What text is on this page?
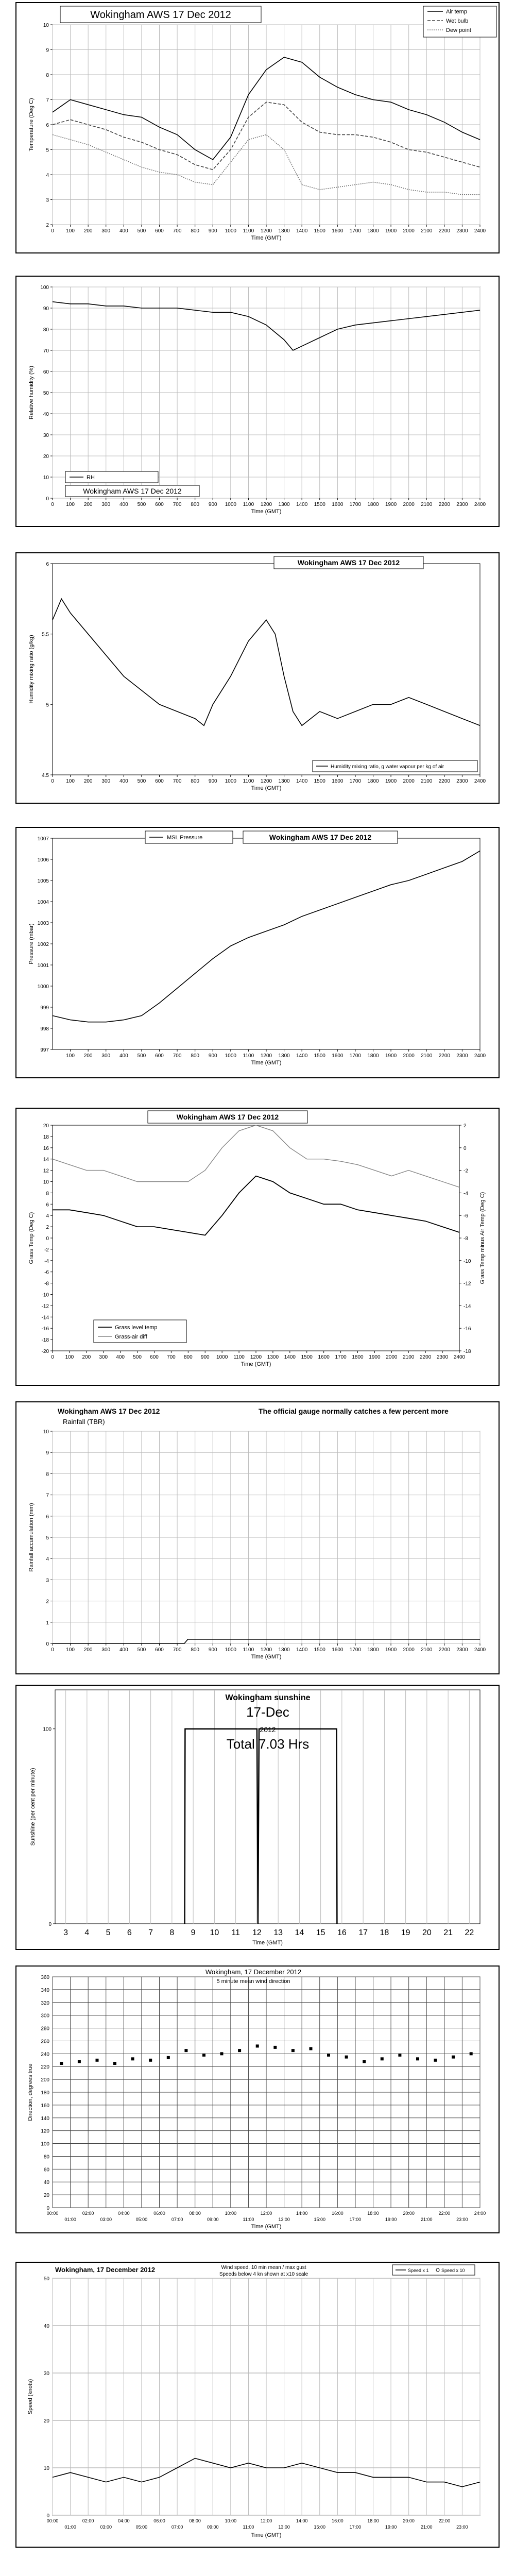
2
3
4
5
6
7
8
9
10
0 100 200 300 400 500 600 700 800 900 1000 1100 1200 1300 1400 1500 1600 1700 1800 1900 2000 2100 2200 2300 2400
Time (GMT)
Temperature (Deg C)
Wokingham AWS 17 Dec 2012	Air temp
Wet bulb
Dew point
0
10
20
30
40
50
60
70
80
90
100
0 100 200 300 400 500 600 700 800 900 1000 1100 1200 1300 1400 1500 1600 1700 1800 1900 2000 2100 2200 2300 2400
Time (GMT)
Relative humidity (%)
RH
Wokingham AWS 17 Dec 2012
4.5
5
5.5
6
0 100 200 300 400 500 600 700 800 900 1000 1100 1200 1300 1400 1500 1600 1700 1800 1900 2000 2100 2200 2300 2400
Time (GMT)
Humidity mixing ratio (g/kg)
Wokingham AWS 17 Dec 2012
Humidity mixing ratio, g water vapour per kg of air
997
998
999
1000
1001
1002
1003
1004
1005
1006
1007
100 200 300 400 500 600 700 800 900 1000 1100 1200 1300 1400 1500 1600 1700 1800 1900 2000 2100 2200 2300 2400
Time (GMT)
Pressure (mbar)
MSL Pressure	Wokingham AWS 17 Dec 2012
20
18
16
14
12
10
8
6
4
2
0
-2
-4
-6
-8
-10
-12
-14
-16
-18
-20
2
0
-2
-4
-6
-8
-10
-12
-14
-16
-18
0 100 200 300 400 500 600 700 800 900 1000 1100 1200 1300 1400 1500 1600 1700 1800 1900 2000 2100 2200 2300 2400
Time (GMT)
Grass Temp (Deg C)	Grass Temp minus Air Temp (Deg C)
Wokingham AWS 17 Dec 2012
Grass level temp
Grass-air diff
0
1
2
3
4
5
6
7
8
9
10
0 100 200 300 400 500 600 700 800 900 1000 1100 1200 1300 1400 1500 1600 1700 1800 1900 2000 2100 2200 2300 2400
Time (GMT)
Rainfall accumulation (mm)
Wokingham AWS 17 Dec 2012
Rainfall (TBR)
The official gauge normally catches a few percent more
3 4 5 6 7 8 9 10 11 12 13 14 15 16 17 18 19 20 21 22
0
100
Time (GMT)
Sunshine (per cent per minute)
Wokingham sunshine
17-Dec
2012
Total 7.03 Hrs
0
20
40
60
80
100
120
140
160
180
200
220
240
260
280
300
320
340
360
00:00
01:00
02:00
03:00
04:00
05:00
06:00
07:00
08:00
09:00
10:00
11:00
12:00
13:00
14:00
15:00
16:00
17:00
18:00
19:00
20:00
21:00
22:00
23:00
24:00
Time (GMT)
Direction, degrees true
Wokingham, 17 December 2012
5 minute mean wind direction
0
10
20
30
40
50
00:00	02:00	04:00	06:00	08:00	10:00	12:00	14:00	16:00	18:00	20:00	22:00
01:00	03:00	05:00	07:00	09:00	11:00	13:00	15:00	17:00	19:00	21:00	23:00
Time (GMT)
Speed (knots)
Wokingham, 17 December 2012	Wind speed, 10 min mean / max gust
Speeds below 4 kn shown at x10 scale
Speed x 1	Speed x 10
